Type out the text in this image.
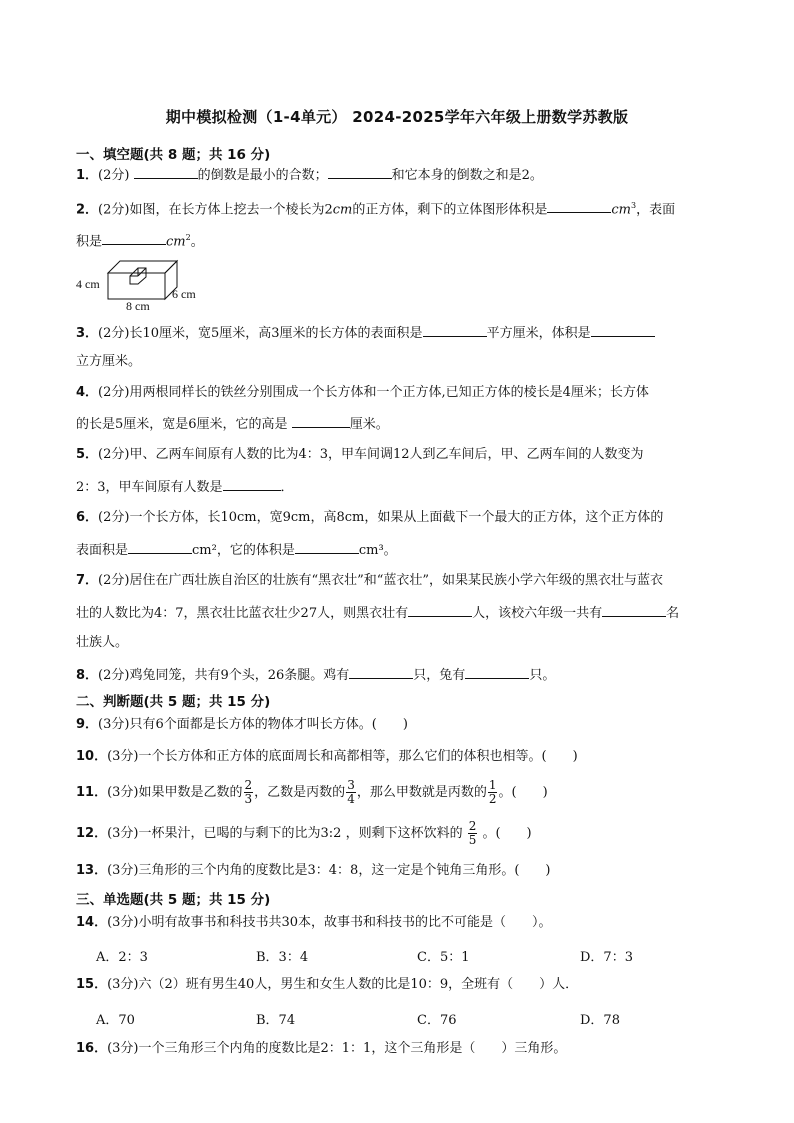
期中模拟检测（1-4单元） 2024-2025学年六年级上册数学苏教版
一、填空题(共 8 题；共 16 分)
1．(2分)	的倒数是最小的合数；	和它本身的倒数之和是2。
2．(2分)如图，在长方体上挖去一个棱长为2cm的正方体，剩下的立体图形体积是	$cm^3$，表面
积是	$cm^2$。
4 cm
8 cm
6 cm
3．(2分)长10厘米，宽5厘米，高3厘米的长方体的表面积是	平方厘米，体积是
立方厘米。
4．(2分)用两根同样长的铁丝分别围成一个长方体和一个正方体,已知正方体的棱长是4厘米；长方体
的长是5厘米，宽是6厘米，它的高是	厘米。
5．(2分)甲、乙两车间原有人数的比为4：3，甲车间调12人到乙车间后，甲、乙两车间的人数变为
2：3，甲车间原有人数是	．
6．(2分)一个长方体，长10cm，宽9cm，高8cm，如果从上面截下一个最大的正方体，这个正方体的
表面积是	cm²，它的体积是	cm³。
7．(2分)居住在广西壮族自治区的壮族有“黑衣壮”和“蓝衣壮”，如果某民族小学六年级的黑衣壮与蓝衣
壮的人数比为4：7，黑衣壮比蓝衣壮少27人，则黑衣壮有	人，该校六年级一共有	名
壮族人。
8．(2分)鸡兔同笼，共有9个头，26条腿。鸡有	只，兔有	只。
二、判断题(共 5 题；共 15 分)
9．(3分)只有6个面都是长方体的物体才叫长方体。(　　)
10．(3分)一个长方体和正方体的底面周长和高都相等，那么它们的体积也相等。(　　)
11．(3分)如果甲数是乙数的 $\frac{2}{3}$ ，乙数是丙数的 $\frac{3}{4}$ ，那么甲数就是丙数的 $\frac{1}{2}$ 。(　　)
12．(3分)一杯果汁，已喝的与剩下的比为3:2 ，则剩下这杯饮料的 $\frac{2}{5}$ 。(　　)
13．(3分)三角形的三个内角的度数比是3：4：8，这一定是个钝角三角形。(　　)
三、单选题(共 5 题；共 15 分)
14．(3分)小明有故事书和科技书共30本，故事书和科技书的比不可能是（　　）。
A．2：3	B．3：4	C．5：1	D．7：3
15．(3分)六（2）班有男生40人，男生和女生人数的比是10：9，全班有（　　）人．
A．70	B．74	C．76	D．78
16．(3分)一个三角形三个内角的度数比是2：1：1，这个三角形是（　　）三角形。
